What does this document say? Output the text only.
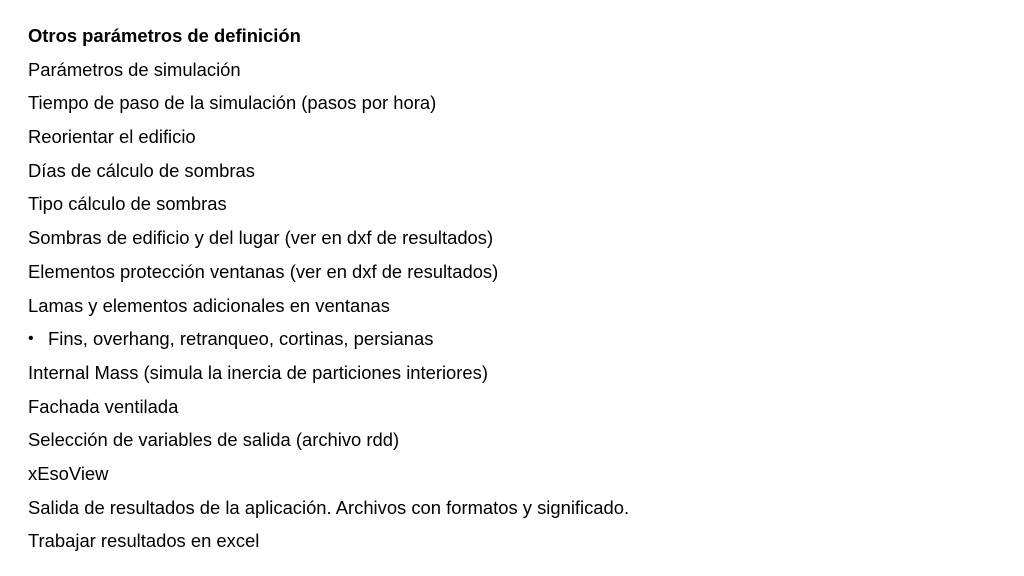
Otros parámetros de definición
Parámetros de simulación
Tiempo de paso de la simulación (pasos por hora)
Reorientar el edificio
Días de cálculo de sombras
Tipo cálculo de sombras
Sombras de edificio y del lugar (ver en dxf de resultados)
Elementos protección ventanas (ver en dxf de resultados)
Lamas y elementos adicionales en ventanas
• Fins, overhang, retranqueo, cortinas, persianas
Internal Mass (simula la inercia de particiones interiores)
Fachada ventilada
Selección de variables de salida (archivo rdd)
xEsoView
Salida de resultados de la aplicación. Archivos con formatos y significado.
Trabajar resultados en excel
